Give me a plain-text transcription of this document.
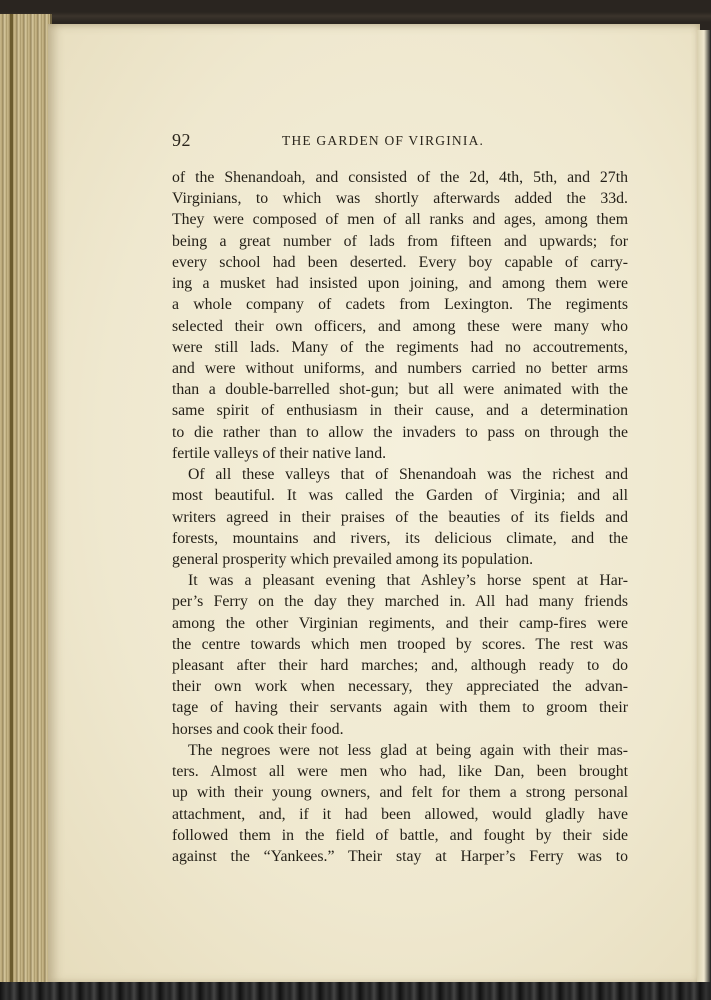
92	THE GARDEN OF VIRGINIA.
of the Shenandoah, and consisted of the 2d, 4th, 5th, and 27th
Virginians, to which was shortly afterwards added the 33d.
They were composed of men of all ranks and ages, among them
being a great number of lads from fifteen and upwards; for
every school had been deserted. Every boy capable of carry-
ing a musket had insisted upon joining, and among them were
a whole company of cadets from Lexington. The regiments
selected their own officers, and among these were many who
were still lads. Many of the regiments had no accoutrements,
and were without uniforms, and numbers carried no better arms
than a double-barrelled shot-gun; but all were animated with the
same spirit of enthusiasm in their cause, and a determination
to die rather than to allow the invaders to pass on through the
fertile valleys of their native land.
Of all these valleys that of Shenandoah was the richest and
most beautiful. It was called the Garden of Virginia; and all
writers agreed in their praises of the beauties of its fields and
forests, mountains and rivers, its delicious climate, and the
general prosperity which prevailed among its population.
It was a pleasant evening that Ashley’s horse spent at Har-
per’s Ferry on the day they marched in. All had many friends
among the other Virginian regiments, and their camp-fires were
the centre towards which men trooped by scores. The rest was
pleasant after their hard marches; and, although ready to do
their own work when necessary, they appreciated the advan-
tage of having their servants again with them to groom their
horses and cook their food.
The negroes were not less glad at being again with their mas-
ters. Almost all were men who had, like Dan, been brought
up with their young owners, and felt for them a strong personal
attachment, and, if it had been allowed, would gladly have
followed them in the field of battle, and fought by their side
against the “Yankees.” Their stay at Harper’s Ferry was to
